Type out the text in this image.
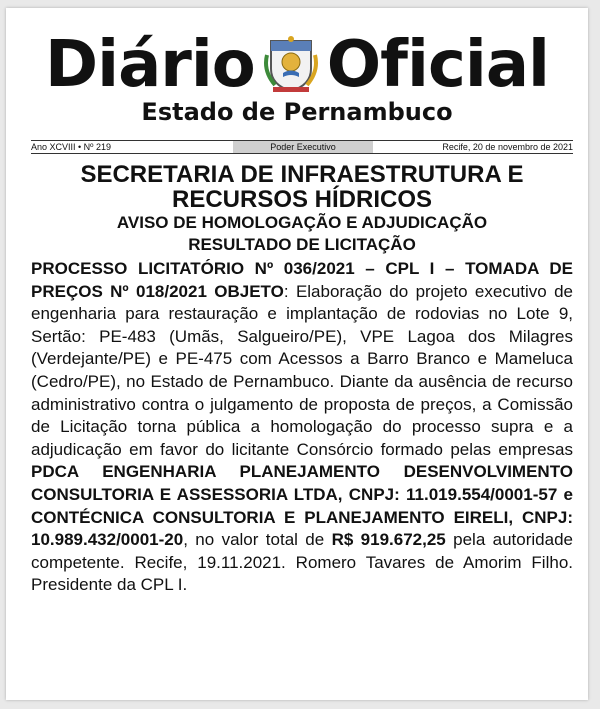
Diário Oficial
Estado de Pernambuco
Ano XCVIII • Nº 219	Poder Executivo	Recife, 20 de novembro de 2021

SECRETARIA DE INFRAESTRUTURA E
RECURSOS HÍDRICOS

AVISO DE HOMOLOGAÇÃO E ADJUDICAÇÃO
RESULTADO DE LICITAÇÃO

PROCESSO LICITATÓRIO Nº 036/2021 – CPL I – TOMADA DE PREÇOS Nº 018/2021 OBJETO: Elaboração do projeto executivo de engenharia para restauração e implantação de rodovias no Lote 9, Sertão: PE-483 (Umãs, Salgueiro/PE), VPE Lagoa dos Milagres (Verdejante/PE) e PE-475 com Acessos a Barro Branco e Mameluca (Cedro/PE), no Estado de Pernambuco. Diante da ausência de recurso administrativo contra o julgamento de proposta de preços, a Comissão de Licitação torna pública a homologação do processo supra e a adjudicação em favor do licitante Consórcio formado pelas empresas PDCA ENGENHARIA PLANEJAMENTO DESENVOLVIMENTO CONSULTORIA E ASSESSORIA LTDA, CNPJ: 11.019.554/0001-57 e CONTÉCNICA CONSULTORIA E PLANEJAMENTO EIRELI, CNPJ: 10.989.432/0001-20, no valor total de R$ 919.672,25 pela autoridade competente. Recife, 19.11.2021. Romero Tavares de Amorim Filho. Presidente da CPL I.
